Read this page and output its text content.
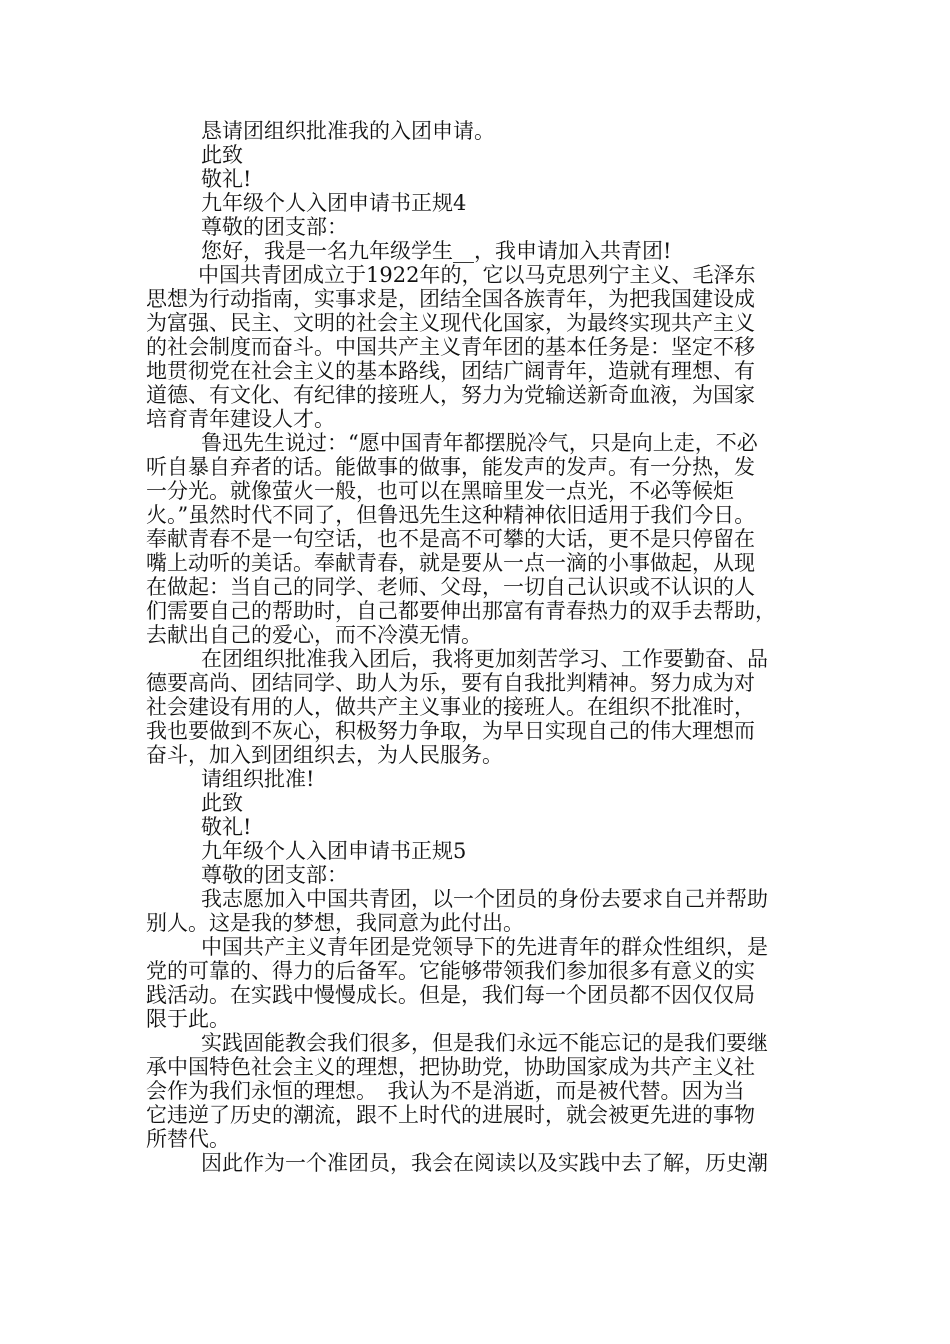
恳请团组织批准我的入团申请。
此致
敬礼!
九年级个人入团申请书正规4
尊敬的团支部：
您好，我是一名九年级学生__，我申请加入共青团!
中国共青团成立于1922年的，它以马克思列宁主义、毛泽东
思想为行动指南，实事求是，团结全国各族青年，为把我国建设成
为富强、民主、文明的社会主义现代化国家，为最终实现共产主义
的社会制度而奋斗。中国共产主义青年团的基本任务是：坚定不移
地贯彻党在社会主义的基本路线，团结广阔青年，造就有理想、有
道德、有文化、有纪律的接班人，努力为党输送新奇血液，为国家
培育青年建设人才。
鲁迅先生说过：“愿中国青年都摆脱冷气，只是向上走，不必
听自暴自弃者的话。能做事的做事，能发声的发声。有一分热，发
一分光。就像萤火一般，也可以在黑暗里发一点光，不必等候炬
火。”虽然时代不同了，但鲁迅先生这种精神依旧适用于我们今日。
奉献青春不是一句空话，也不是高不可攀的大话，更不是只停留在
嘴上动听的美话。奉献青春，就是要从一点一滴的小事做起，从现
在做起：当自己的同学、老师、父母，一切自己认识或不认识的人
们需要自己的帮助时，自己都要伸出那富有青春热力的双手去帮助，
去献出自己的爱心，而不冷漠无情。
在团组织批准我入团后，我将更加刻苦学习、工作要勤奋、品
德要高尚、团结同学、助人为乐，要有自我批判精神。努力成为对
社会建设有用的人，做共产主义事业的接班人。在组织不批准时，
我也要做到不灰心，积极努力争取，为早日实现自己的伟大理想而
奋斗，加入到团组织去，为人民服务。
请组织批准!
此致
敬礼!
九年级个人入团申请书正规5
尊敬的团支部：
我志愿加入中国共青团，以一个团员的身份去要求自己并帮助
别人。这是我的梦想，我同意为此付出。
中国共产主义青年团是党领导下的先进青年的群众性组织，是
党的可靠的、得力的后备军。它能够带领我们参加很多有意义的实
践活动。在实践中慢慢成长。但是，我们每一个团员都不因仅仅局
限于此。
实践固能教会我们很多，但是我们永远不能忘记的是我们要继
承中国特色社会主义的理想，把协助党，协助国家成为共产主义社
会作为我们永恒的理想。　我认为不是消逝，而是被代替。因为当
它违逆了历史的潮流，跟不上时代的进展时，就会被更先进的事物
所替代。
因此作为一个准团员，我会在阅读以及实践中去了解，历史潮
